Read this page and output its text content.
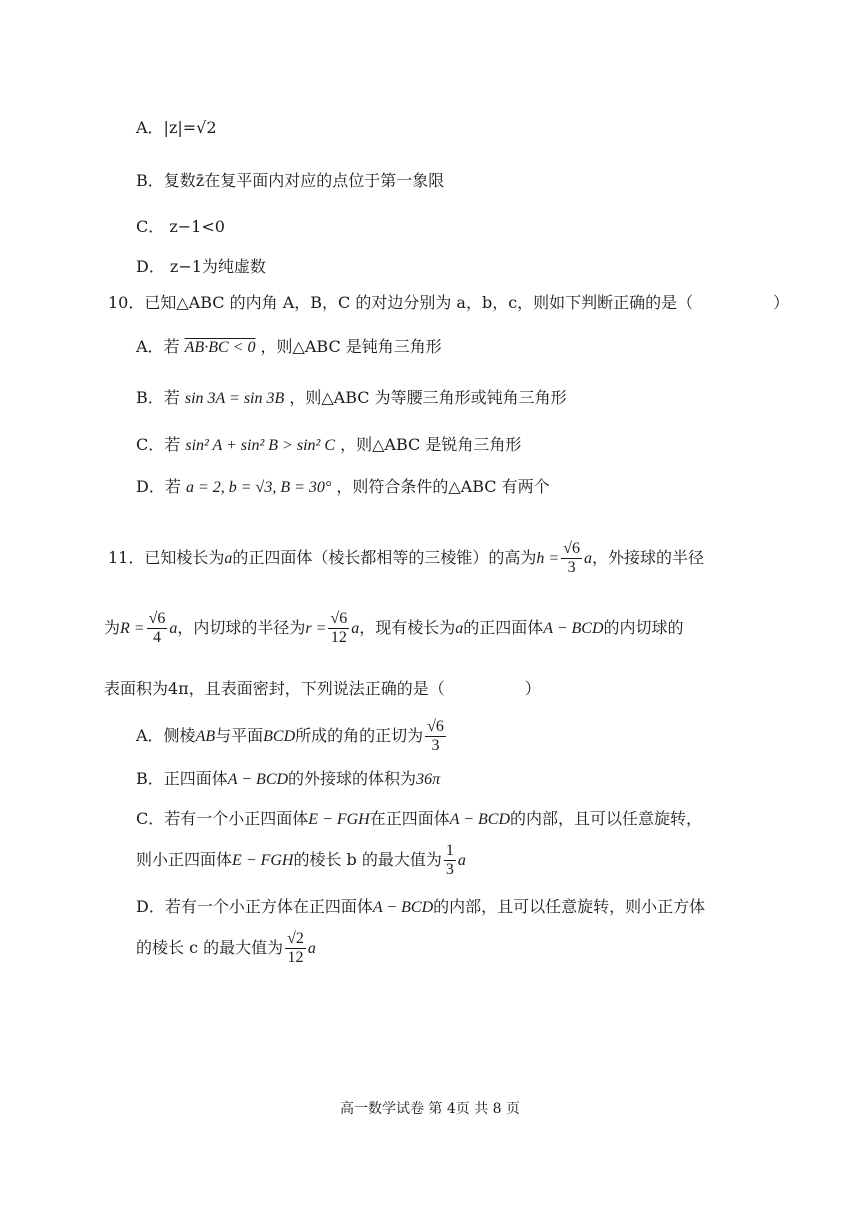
A．|z|=√2
B．复数z̄在复平面内对应的点位于第一象限
C． z−1<0
D． z−1为纯虚数
10．已知△ABC 的内角 A，B，C 的对边分别为 a，b，c，则如下判断正确的是（　　　　　）
A．若 AB·BC < 0 ，则△ABC 是钝角三角形
B．若 sin 3A = sin 3B ，则△ABC 为等腰三角形或钝角三角形
C．若 sin² A + sin² B > sin² C ，则△ABC 是锐角三角形
D．若 a = 2, b = √3, B = 30° ，则符合条件的△ABC 有两个
11．已知棱长为a的正四面体（棱长都相等的三棱锥）的高为$h = \frac{√6}{3}$ a，外接球的半径
为$R = \frac{√6}{4}$ a，内切球的半径为$r = \frac{√6}{12}$ a，现有棱长为a的正四面体A − BCD的内切球的
表面积为4π，且表面密封，下列说法正确的是（　　　　　）
A．侧棱AB与平面BCD所成的角的正切为 $\frac{√6}{3}$
B．正四面体A − BCD的外接球的体积为36π
C．若有一个小正四面体E − FGH在正四面体A − BCD的内部，且可以任意旋转，
则小正四面体E − FGH的棱长 b 的最大值为 $\frac{1}{3}$ a
D．若有一个小正方体在正四面体A − BCD的内部，且可以任意旋转，则小正方体
的棱长 c 的最大值为 $\frac{√2}{12}$ a
高一数学试卷 第 4页 共 8 页
